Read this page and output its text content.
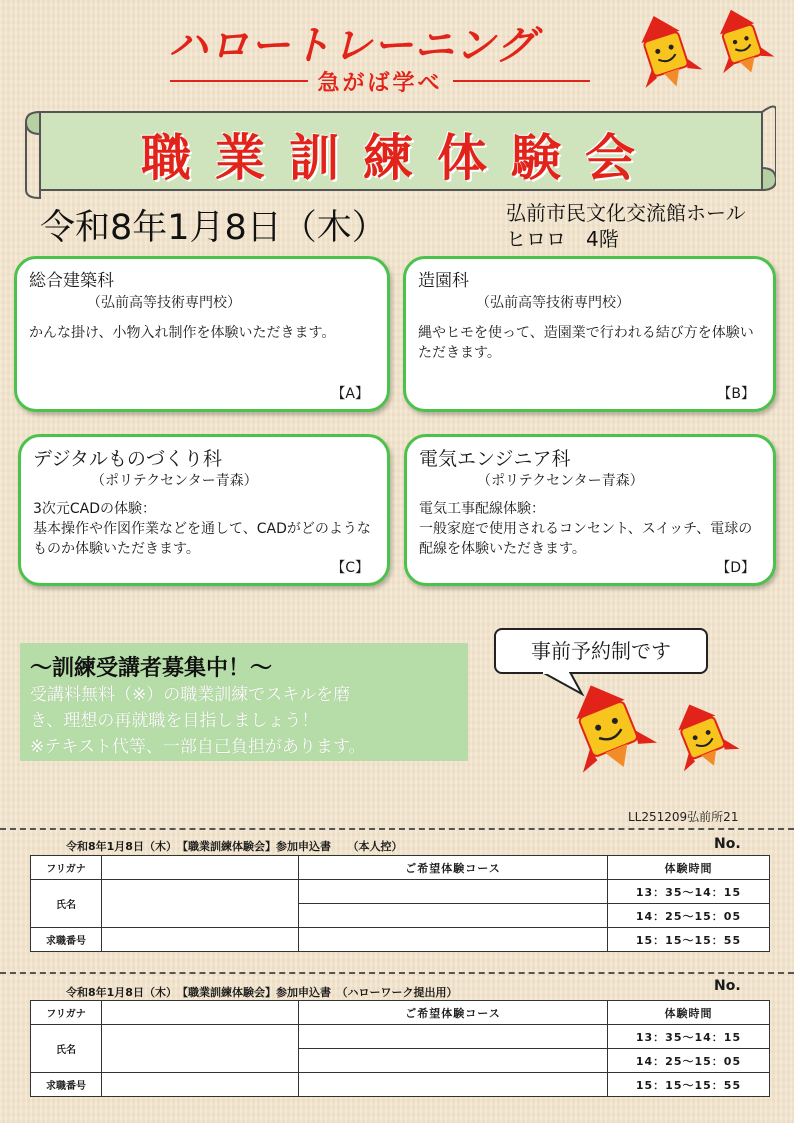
ハロートレーニング
急がば学べ
職業訓練体験会
令和8年1月8日（木）	弘前市民文化交流館ホール
ヒロロ　4階
総合建築科
（弘前高等技術専門校）
かんな掛け、小物入れ制作を体験いただきます。
【A】
造園科
（弘前高等技術専門校）
縄やヒモを使って、造園業で行われる結び方を体験いただきます。
【B】
デジタルものづくり科
（ポリテクセンター青森）
3次元CADの体験：
基本操作や作図作業などを通して、CADがどのようなものか体験いただきます。
【C】
電気エンジニア科
（ポリテクセンター青森）
電気工事配線体験：
一般家庭で使用されるコンセント、スイッチ、電球の配線を体験いただきます。
【D】
～訓練受講者募集中！～
受講料無料（※）の職業訓練でスキルを磨
き、理想の再就職を目指しましょう！
※テキスト代等、一部自己負担があります。
事前予約制です
LL251209弘前所21
令和8年1月8日（木）　【職業訓練体験会】参加申込書　　（本人控）	No.
フリガナ		ご希望体験コース	体験時間
氏名			13：35～14：15
			14：25～15：05
求職番号			15：15～15：55
令和8年1月8日（木）　【職業訓練体験会】参加申込書　（ハローワーク提出用）	No.
フリガナ		ご希望体験コース	体験時間
氏名			13：35～14：15
			14：25～15：05
求職番号			15：15～15：55
